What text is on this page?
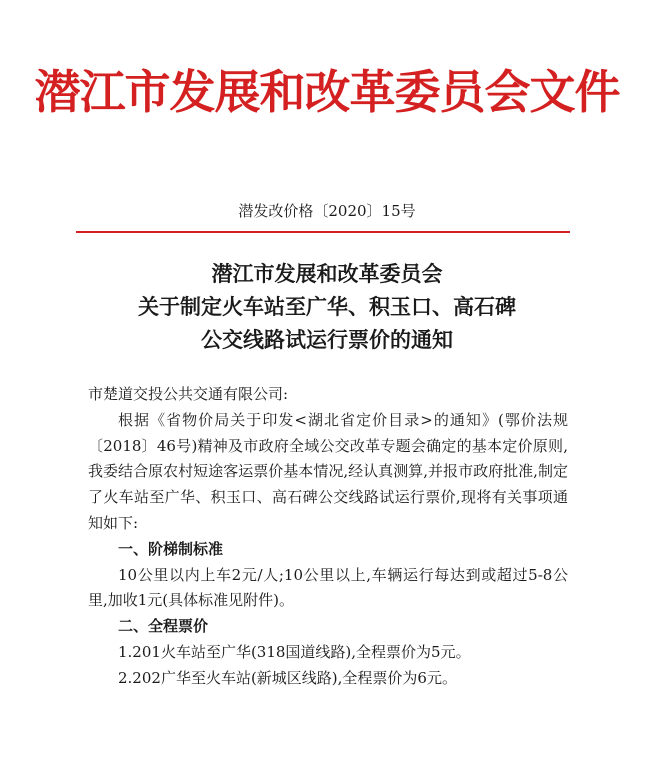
潜江市发展和改革委员会文件
潜发改价格〔2020〕15号
潜江市发展和改革委员会
关于制定火车站至广华、积玉口、高石碑
公交线路试运行票价的通知

市楚道交投公共交通有限公司:

根据《省物价局关于印发<湖北省定价目录>的通知》(鄂价法规〔2018〕46号)精神及市政府全域公交改革专题会确定的基本定价原则,我委结合原农村短途客运票价基本情况,经认真测算,并报市政府批准,制定了火车站至广华、积玉口、高石碑公交线路试运行票价,现将有关事项通知如下:

一、阶梯制标准

10公里以内上车2元/人;10公里以上,车辆运行每达到或超过5-8公里,加收1元(具体标准见附件)。

二、全程票价

1.201火车站至广华(318国道线路),全程票价为5元。

2.202广华至火车站(新城区线路),全程票价为6元。
